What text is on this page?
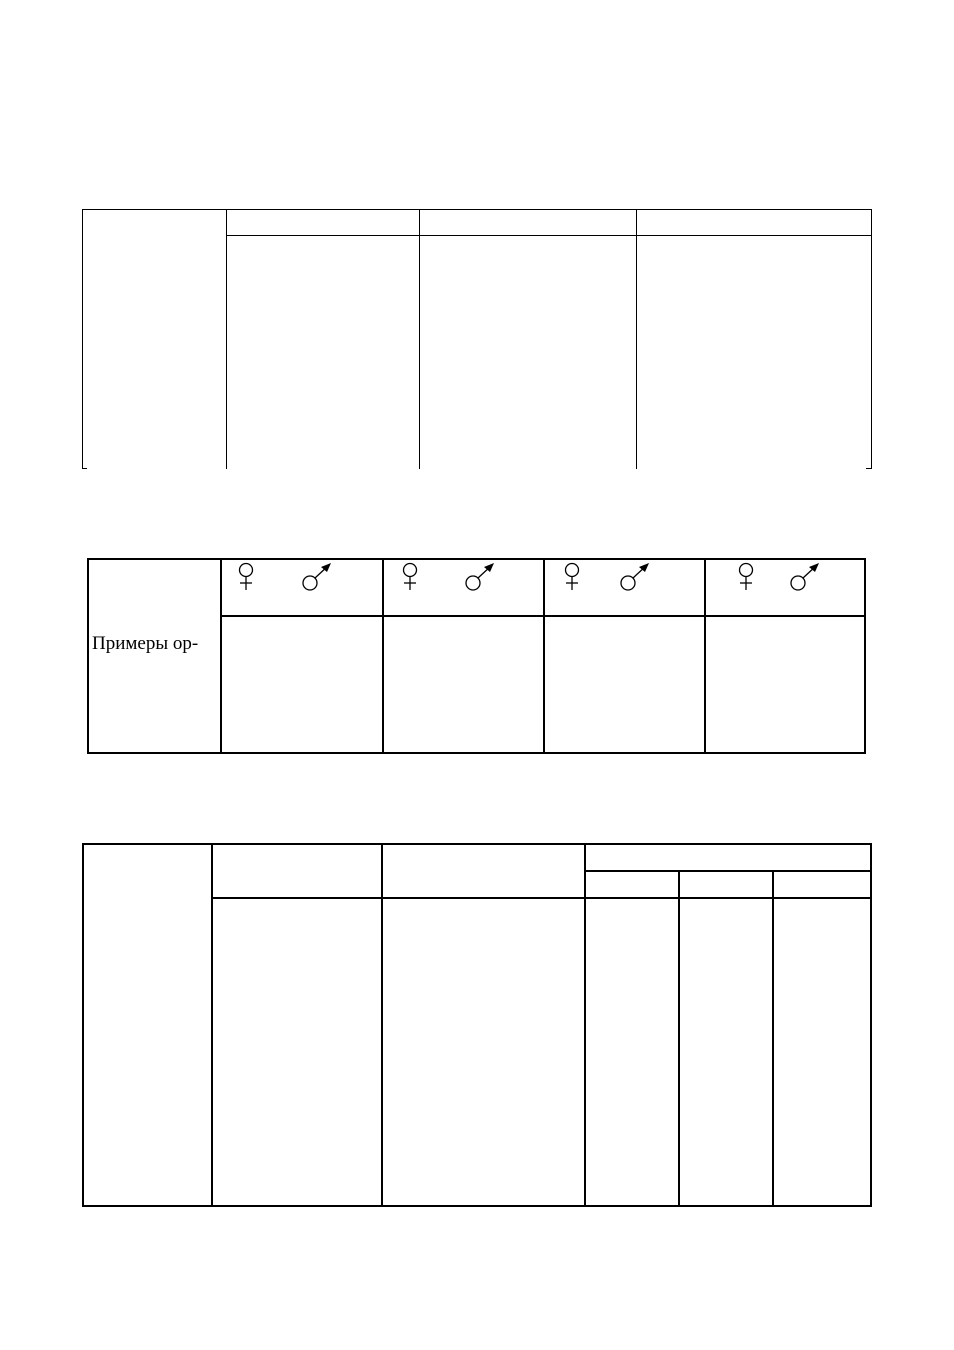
Примеры ор-
